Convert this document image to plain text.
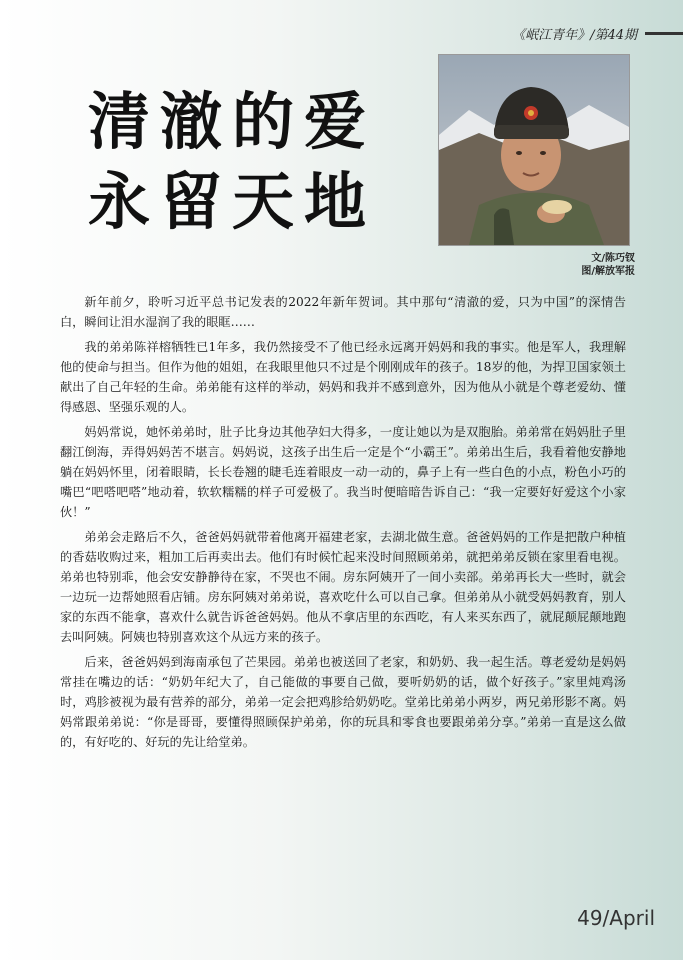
《岷江青年》/第44期
清澈的爱
永留天地
文/陈巧钗
图/解放军报

新年前夕，聆听习近平总书记发表的2022年新年贺词。其中那句“清澈的爱，只为中国”的深情告白，瞬间让泪水湿润了我的眼眶……

我的弟弟陈祥榕牺牲已1年多，我仍然接受不了他已经永远离开妈妈和我的事实。他是军人，我理解他的使命与担当。但作为他的姐姐，在我眼里他只不过是个刚刚成年的孩子。18岁的他，为捍卫国家领土献出了自己年轻的生命。弟弟能有这样的举动，妈妈和我并不感到意外，因为他从小就是个尊老爱幼、懂得感恩、坚强乐观的人。

妈妈常说，她怀弟弟时，肚子比身边其他孕妇大得多，一度让她以为是双胞胎。弟弟常在妈妈肚子里翻江倒海，弄得妈妈苦不堪言。妈妈说，这孩子出生后一定是个“小霸王”。弟弟出生后，我看着他安静地躺在妈妈怀里，闭着眼睛，长长卷翘的睫毛连着眼皮一动一动的，鼻子上有一些白色的小点，粉色小巧的嘴巴“吧嗒吧嗒”地动着，软软糯糯的样子可爱极了。我当时便暗暗告诉自己：“我一定要好好爱这个小家伙！”

弟弟会走路后不久，爸爸妈妈就带着他离开福建老家，去湖北做生意。爸爸妈妈的工作是把散户种植的香菇收购过来，粗加工后再卖出去。他们有时候忙起来没时间照顾弟弟，就把弟弟反锁在家里看电视。弟弟也特别乖，他会安安静静待在家，不哭也不闹。房东阿姨开了一间小卖部。弟弟再长大一些时，就会一边玩一边帮她照看店铺。房东阿姨对弟弟说，喜欢吃什么可以自己拿。但弟弟从小就受妈妈教育，别人家的东西不能拿，喜欢什么就告诉爸爸妈妈。他从不拿店里的东西吃，有人来买东西了，就屁颠屁颠地跑去叫阿姨。阿姨也特别喜欢这个从远方来的孩子。

后来，爸爸妈妈到海南承包了芒果园。弟弟也被送回了老家，和奶奶、我一起生活。尊老爱幼是妈妈常挂在嘴边的话：“奶奶年纪大了，自己能做的事要自己做，要听奶奶的话，做个好孩子。”家里炖鸡汤时，鸡胗被视为最有营养的部分，弟弟一定会把鸡胗给奶奶吃。堂弟比弟弟小两岁，两兄弟形影不离。妈妈常跟弟弟说：“你是哥哥，要懂得照顾保护弟弟，你的玩具和零食也要跟弟弟分享。”弟弟一直是这么做的，有好吃的、好玩的先让给堂弟。

49/April
